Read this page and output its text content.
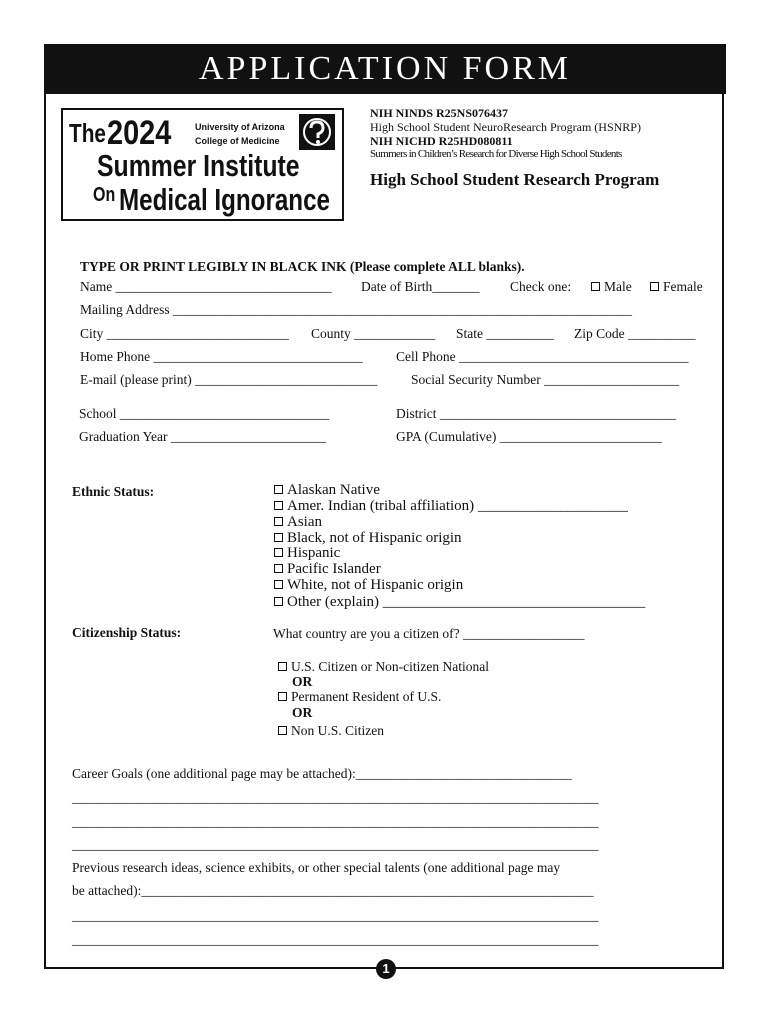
APPLICATION FORM
The 2024	University of Arizona
College of Medicine
Summer Institute
On Medical Ignorance
NIH NINDS R25NS076437
High School Student NeuroResearch Program (HSNRP)
NIH NICHD R25HD080811
Summers in Children’s Research for Diverse High School Students
High School Student Research Program
TYPE OR PRINT LEGIBLY IN BLACK INK (Please complete ALL blanks).
Name ________________________________ Date of Birth_______ Check one:	Male	Female
Mailing Address ____________________________________________________________________
City ___________________________ County ____________ State __________ Zip Code __________
Home Phone _______________________________ Cell Phone __________________________________
E-mail (please print) ___________________________ Social Security Number ____________________
School _______________________________	District ___________________________________
Graduation Year _______________________	GPA (Cumulative) ________________________
Ethnic Status:	Alaskan Native
Amer. Indian (tribal affiliation) ____________________
Asian
Black, not of Hispanic origin
Hispanic
Pacific Islander
White, not of Hispanic origin
Other (explain) ___________________________________
Citizenship Status:	What country are you a citizen of? __________________
U.S. Citizen or Non-citizen National
OR
Permanent Resident of U.S.
OR
Non U.S. Citizen
Career Goals (one additional page may be attached):________________________________
______________________________________________________________________________
______________________________________________________________________________
______________________________________________________________________________
Previous research ideas, science exhibits, or other special talents (one additional page may
be attached):___________________________________________________________________
______________________________________________________________________________
______________________________________________________________________________
1
